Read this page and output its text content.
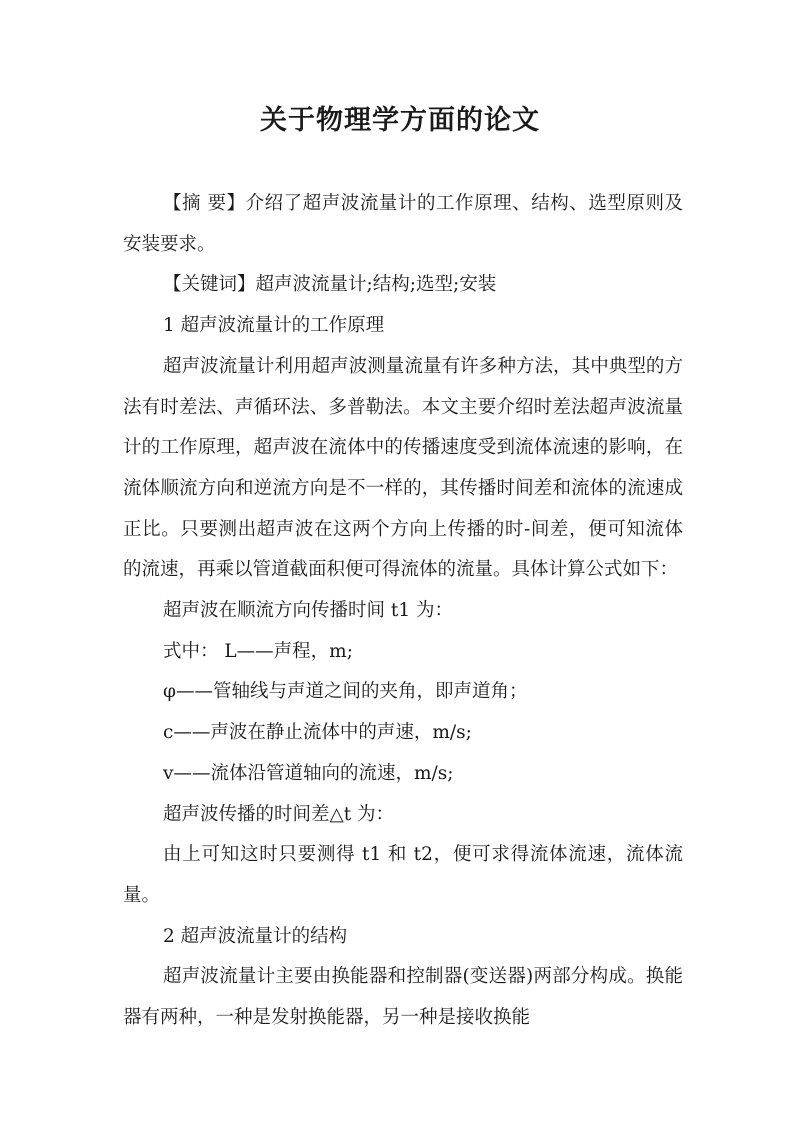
关于物理学方面的论文

【摘 要】介绍了超声波流量计的工作原理、结构、选型原则及安装要求。

【关键词】超声波流量计;结构;选型;安装

1 超声波流量计的工作原理

超声波流量计利用超声波测量流量有许多种方法，其中典型的方法有时差法、声循环法、多普勒法。本文主要介绍时差法超声波流量计的工作原理，超声波在流体中的传播速度受到流体流速的影响，在流体顺流方向和逆流方向是不一样的，其传播时间差和流体的流速成正比。只要测出超声波在这两个方向上传播的时-间差，便可知流体的流速，再乘以管道截面积便可得流体的流量。具体计算公式如下：

超声波在顺流方向传播时间 t1 为：

式中： L——声程，m;

φ——管轴线与声道之间的夹角，即声道角；

c——声波在静止流体中的声速，m/s;

v——流体沿管道轴向的流速，m/s;

超声波传播的时间差△t 为：

由上可知这时只要测得 t1 和 t2，便可求得流体流速，流体流量。

2 超声波流量计的结构

超声波流量计主要由换能器和控制器(变送器)两部分构成。换能器有两种，一种是发射换能器，另一种是接收换能
